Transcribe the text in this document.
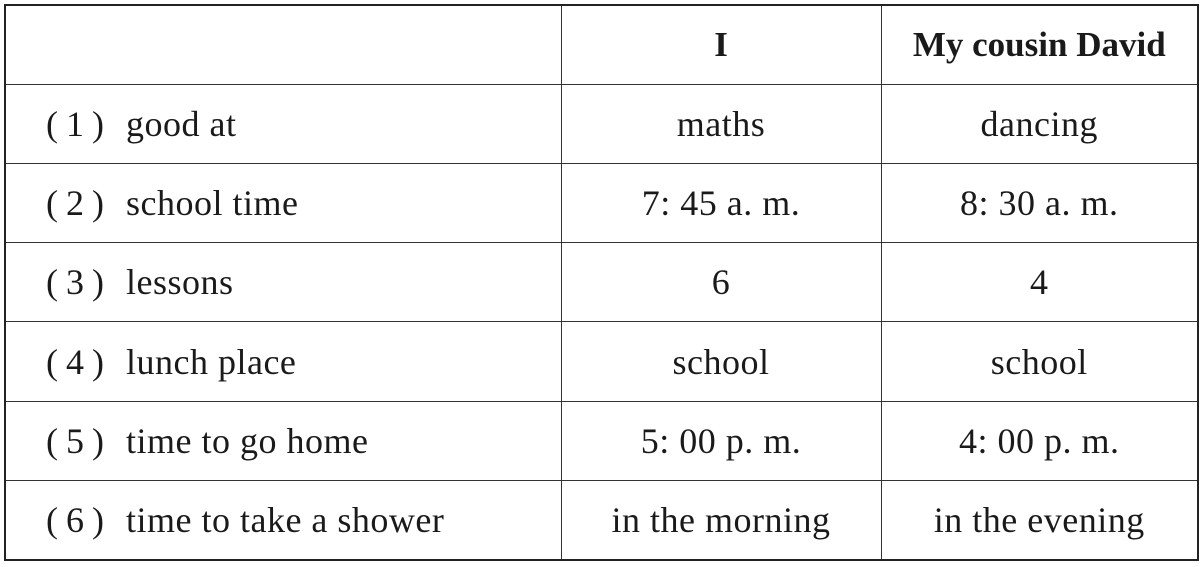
	I	My cousin David
(1) good at	maths	dancing
(2) school time	7: 45 a. m.	8: 30 a. m.
(3) lessons	6	4
(4) lunch place	school	school
(5) time to go home	5: 00 p. m.	4: 00 p. m.
(6) time to take a shower	in the morning	in the evening
